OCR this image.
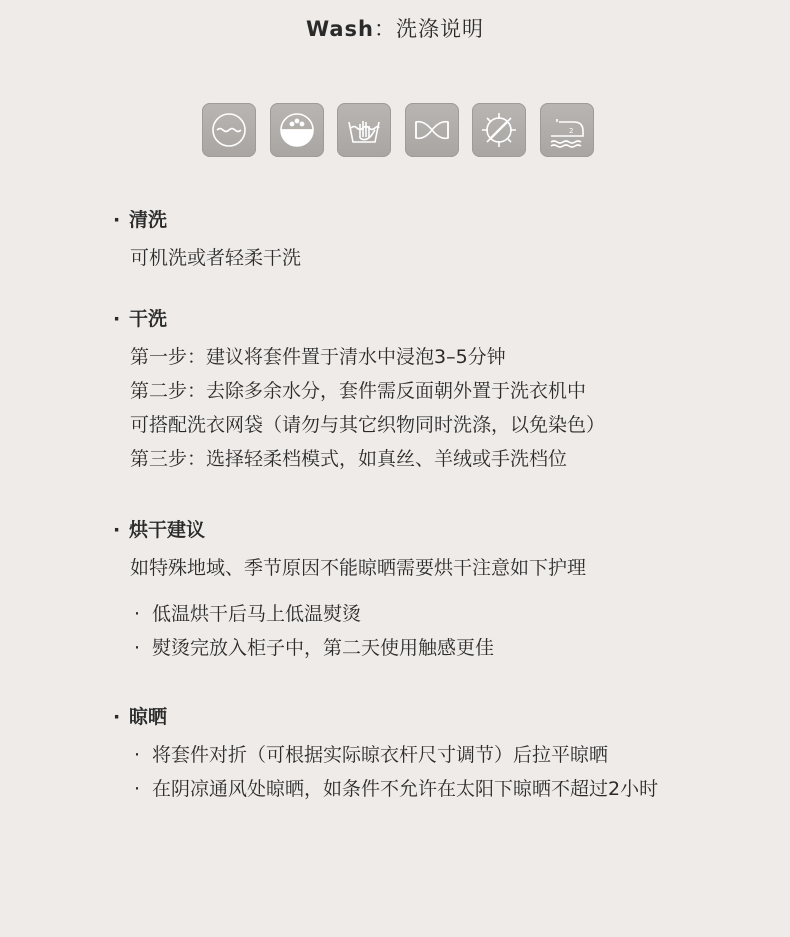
Wash：洗涤说明
2
· 清洗
可机洗或者轻柔干洗
· 干洗
第一步：建议将套件置于清水中浸泡3–5分钟
第二步：去除多余水分，套件需反面朝外置于洗衣机中
可搭配洗衣网袋（请勿与其它织物同时洗涤，以免染色）
第三步：选择轻柔档模式，如真丝、羊绒或手洗档位
· 烘干建议
如特殊地域、季节原因不能晾晒需要烘干注意如下护理
· 低温烘干后马上低温熨烫
· 熨烫完放入柜子中，第二天使用触感更佳
· 晾晒
· 将套件对折（可根据实际晾衣杆尺寸调节）后拉平晾晒
· 在阴凉通风处晾晒，如条件不允许在太阳下晾晒不超过2小时
